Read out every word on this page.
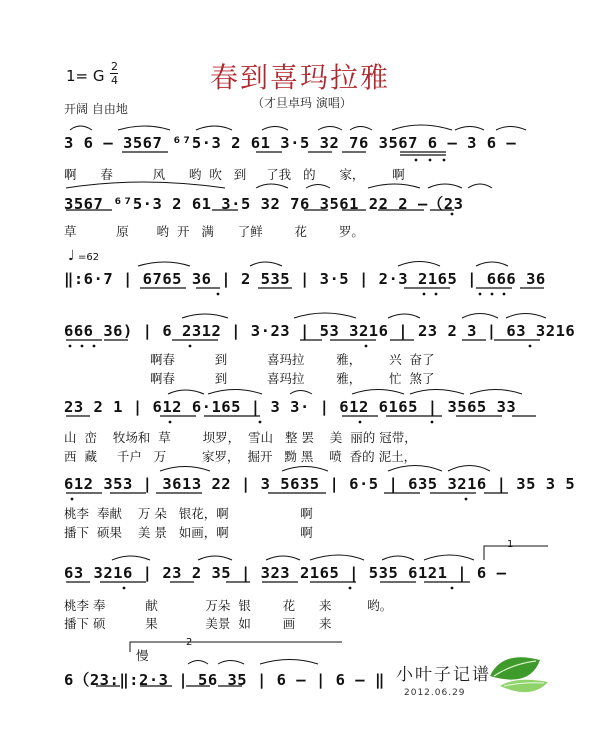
1= G
2
4	春到喜玛拉雅
（才旦卓玛 演唱）
开阔 自由地
3 6 – 3567 ⁶⁷5·3 2 61 3·5 32 76 3567 6 – 3 6 –
啊      春          风      哟  吹   到     了我   的      家，       啊
3567 ⁶⁷5·3 2 61 3·5 32 76 3561 22 2 –（23
草          原       哟  开   满      了鲜        花        罗。
♩ =62
‖:6·7 | 6765 36 | 2 535 | 3·5 | 2·3 2165 | 666 36
666 36) | 6 2312 | 3·23 | 53 3216 | 23 2 3 | 63 3216
啊春          到          喜玛拉        雅，       兴  奋了
啊春          到          喜玛拉        雅，       忙  煞了
23 2 1 | 612 6·165 | 3 3· | 612 6165 | 3565 33
山  峦    牧场和  草        坝罗，  雪山   整 罢    美  丽的 冠带，
西  藏     千户   万         家罗，  掘开   黝 黑    喷  香的 泥土，
612 353 | 3613 22 | 3 5635 | 6·5 | 635 3216 | 35 3 5
桃李  奉献    万 朵   银花，啊                  啊
播下  硕果    美 景   如画，啊                  啊
1
63 3216 | 23 2 35 | 323 2165 | 535 6121 | 6 –
桃李 奉          献            万朵  银        花      来         哟。
播下 硕          果            美景  如        画      来
2
慢
6（23:‖:2·3 | 56 35 | 6 – | 6 – ‖ 小叶子记谱
2012.06.29
